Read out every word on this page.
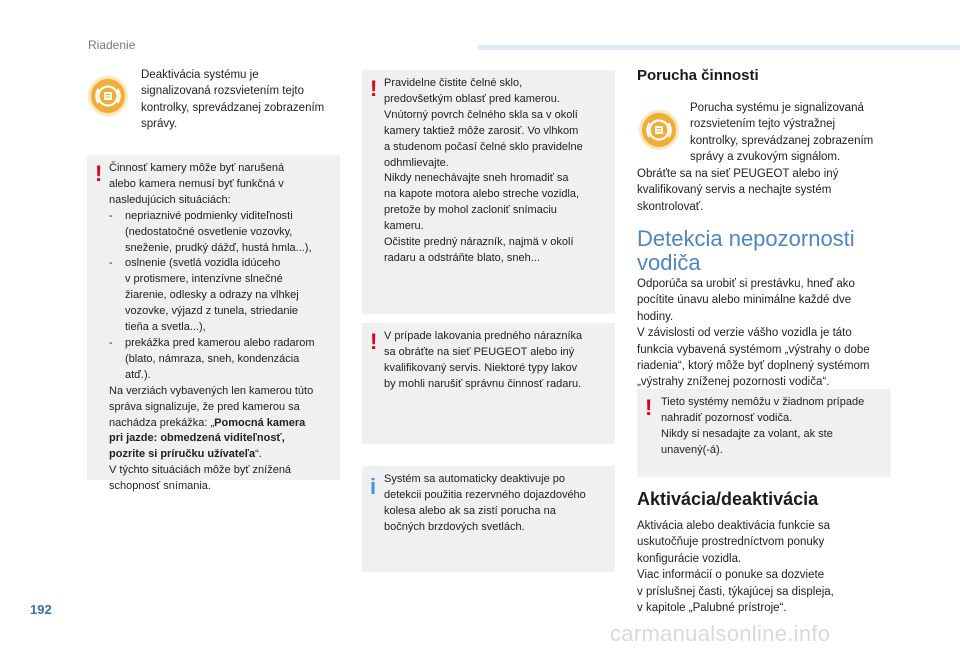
Riadenie
Deaktivácia systému je
signalizovaná rozsvietením tejto
kontrolky, sprevádzanej zobrazením
správy.
! Činnosť kamery môže byť narušená
alebo kamera nemusí byť funkčná v
nasledujúcich situáciách:
- nepriaznivé podmienky viditeľnosti
(nedostatočné osvetlenie vozovky,
sneženie, prudký dážď, hustá hmla...),
- oslnenie (svetlá vozidla idúceho
v protismere, intenzívne slnečné
žiarenie, odlesky a odrazy na vlhkej
vozovke, výjazd z tunela, striedanie
tieňa a svetla...),
- prekážka pred kamerou alebo radarom
(blato, námraza, sneh, kondenzácia
atď.).
Na verziách vybavených len kamerou túto
správa signalizuje, že pred kamerou sa
nachádza prekážka: „Pomocná kamera
pri jazde: obmedzená viditeľnosť,
pozrite si príručku užívateľa“.
V týchto situáciách môže byť znížená
schopnosť snímania.
! Pravidelne čistite čelné sklo,
predovšetkým oblasť pred kamerou.
Vnútorný povrch čelného skla sa v okolí
kamery taktiež môže zarosiť. Vo vlhkom
a studenom počasí čelné sklo pravidelne
odhmlievajte.
Nikdy nenechávajte sneh hromadiť sa
na kapote motora alebo streche vozidla,
pretože by mohol zacloniť snímaciu
kameru.
Očistite predný nárazník, najmä v okolí
radaru a odstráňte blato, sneh...
! V prípade lakovania predného nárazníka
sa obráťte na sieť PEUGEOT alebo iný
kvalifikovaný servis. Niektoré typy lakov
by mohli narušiť správnu činnosť radaru.
i Systém sa automaticky deaktivuje po
detekcii použitia rezervného dojazdového
kolesa alebo ak sa zistí porucha na
bočných brzdových svetlách.
Porucha činnosti
Porucha systému je signalizovaná
rozsvietením tejto výstražnej
kontrolky, sprevádzanej zobrazením
správy a zvukovým signálom.
Obráťte sa na sieť PEUGEOT alebo iný
kvalifikovaný servis a nechajte systém
skontrolovať.
Detekcia nepozornosti
vodiča
Odporúča sa urobiť si prestávku, hneď ako
pocítite únavu alebo minimálne každé dve
hodiny.
V závislosti od verzie vášho vozidla je táto
funkcia vybavená systémom „výstrahy o dobe
riadenia“, ktorý môže byť doplnený systémom
„výstrahy zníženej pozornosti vodiča“.
! Tieto systémy nemôžu v žiadnom prípade
nahradiť pozornosť vodiča.
Nikdy si nesadajte za volant, ak ste
unavený(-á).
Aktivácia/deaktivácia
Aktivácia alebo deaktivácia funkcie sa
uskutočňuje prostredníctvom ponuky
konfigurácie vozidla.
Viac informácií o ponuke sa dozviete
v príslušnej časti, týkajúcej sa displeja,
v kapitole „Palubné prístroje“.
192
carmanualsonline.info
